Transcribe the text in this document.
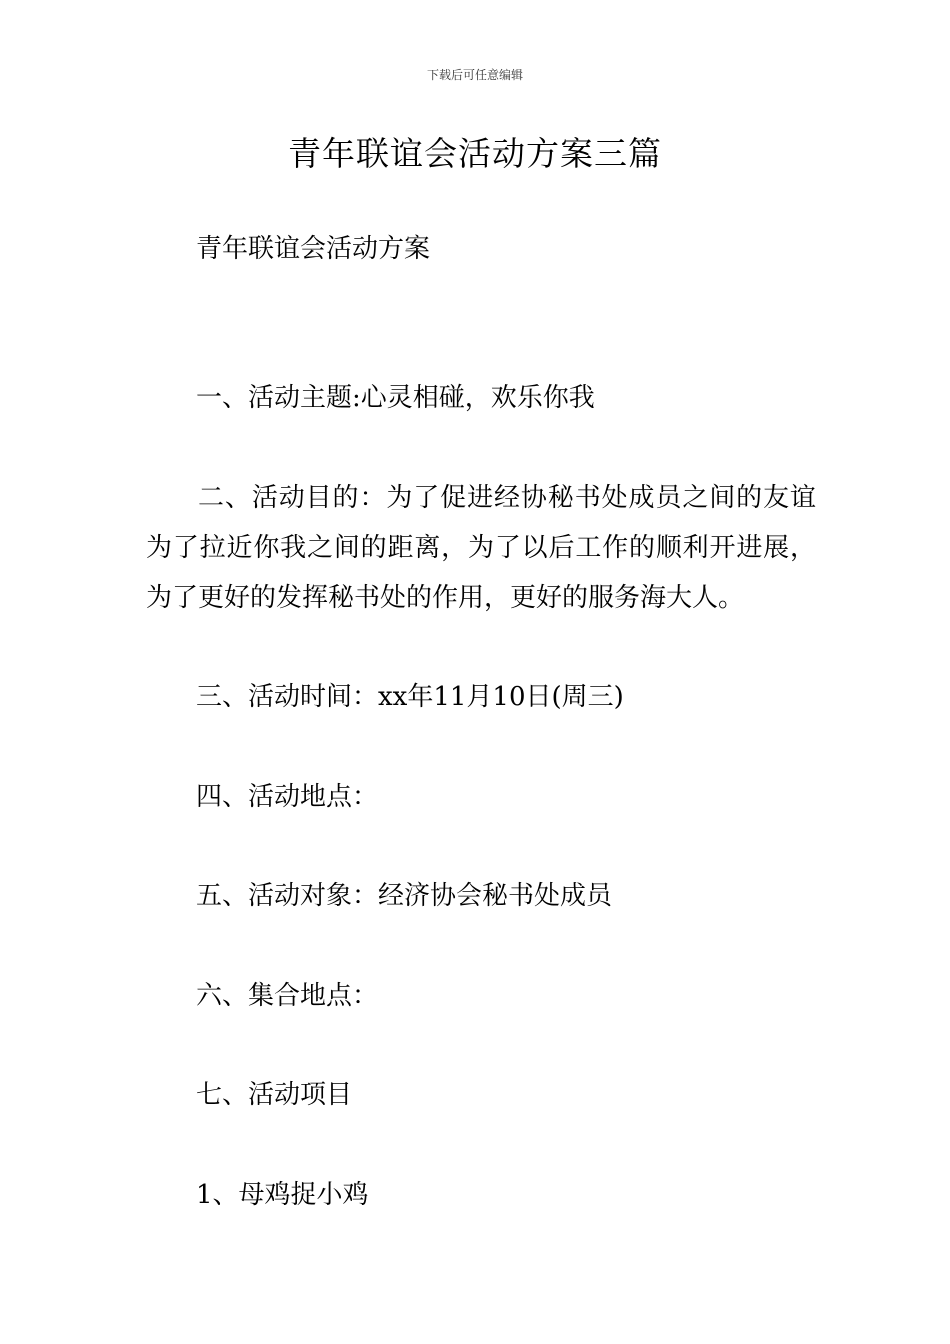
下载后可任意编辑
青年联谊会活动方案三篇
青年联谊会活动方案
一、活动主题:心灵相碰，欢乐你我
二、活动目的：为了促进经协秘书处成员之间的友谊为了拉近你我之间的距离，为了以后工作的顺利开进展，为了更好的发挥秘书处的作用，更好的服务海大人。
三、活动时间：xx年11月10日(周三)
四、活动地点：
五、活动对象：经济协会秘书处成员
六、集合地点：
七、活动项目
1、母鸡捉小鸡
